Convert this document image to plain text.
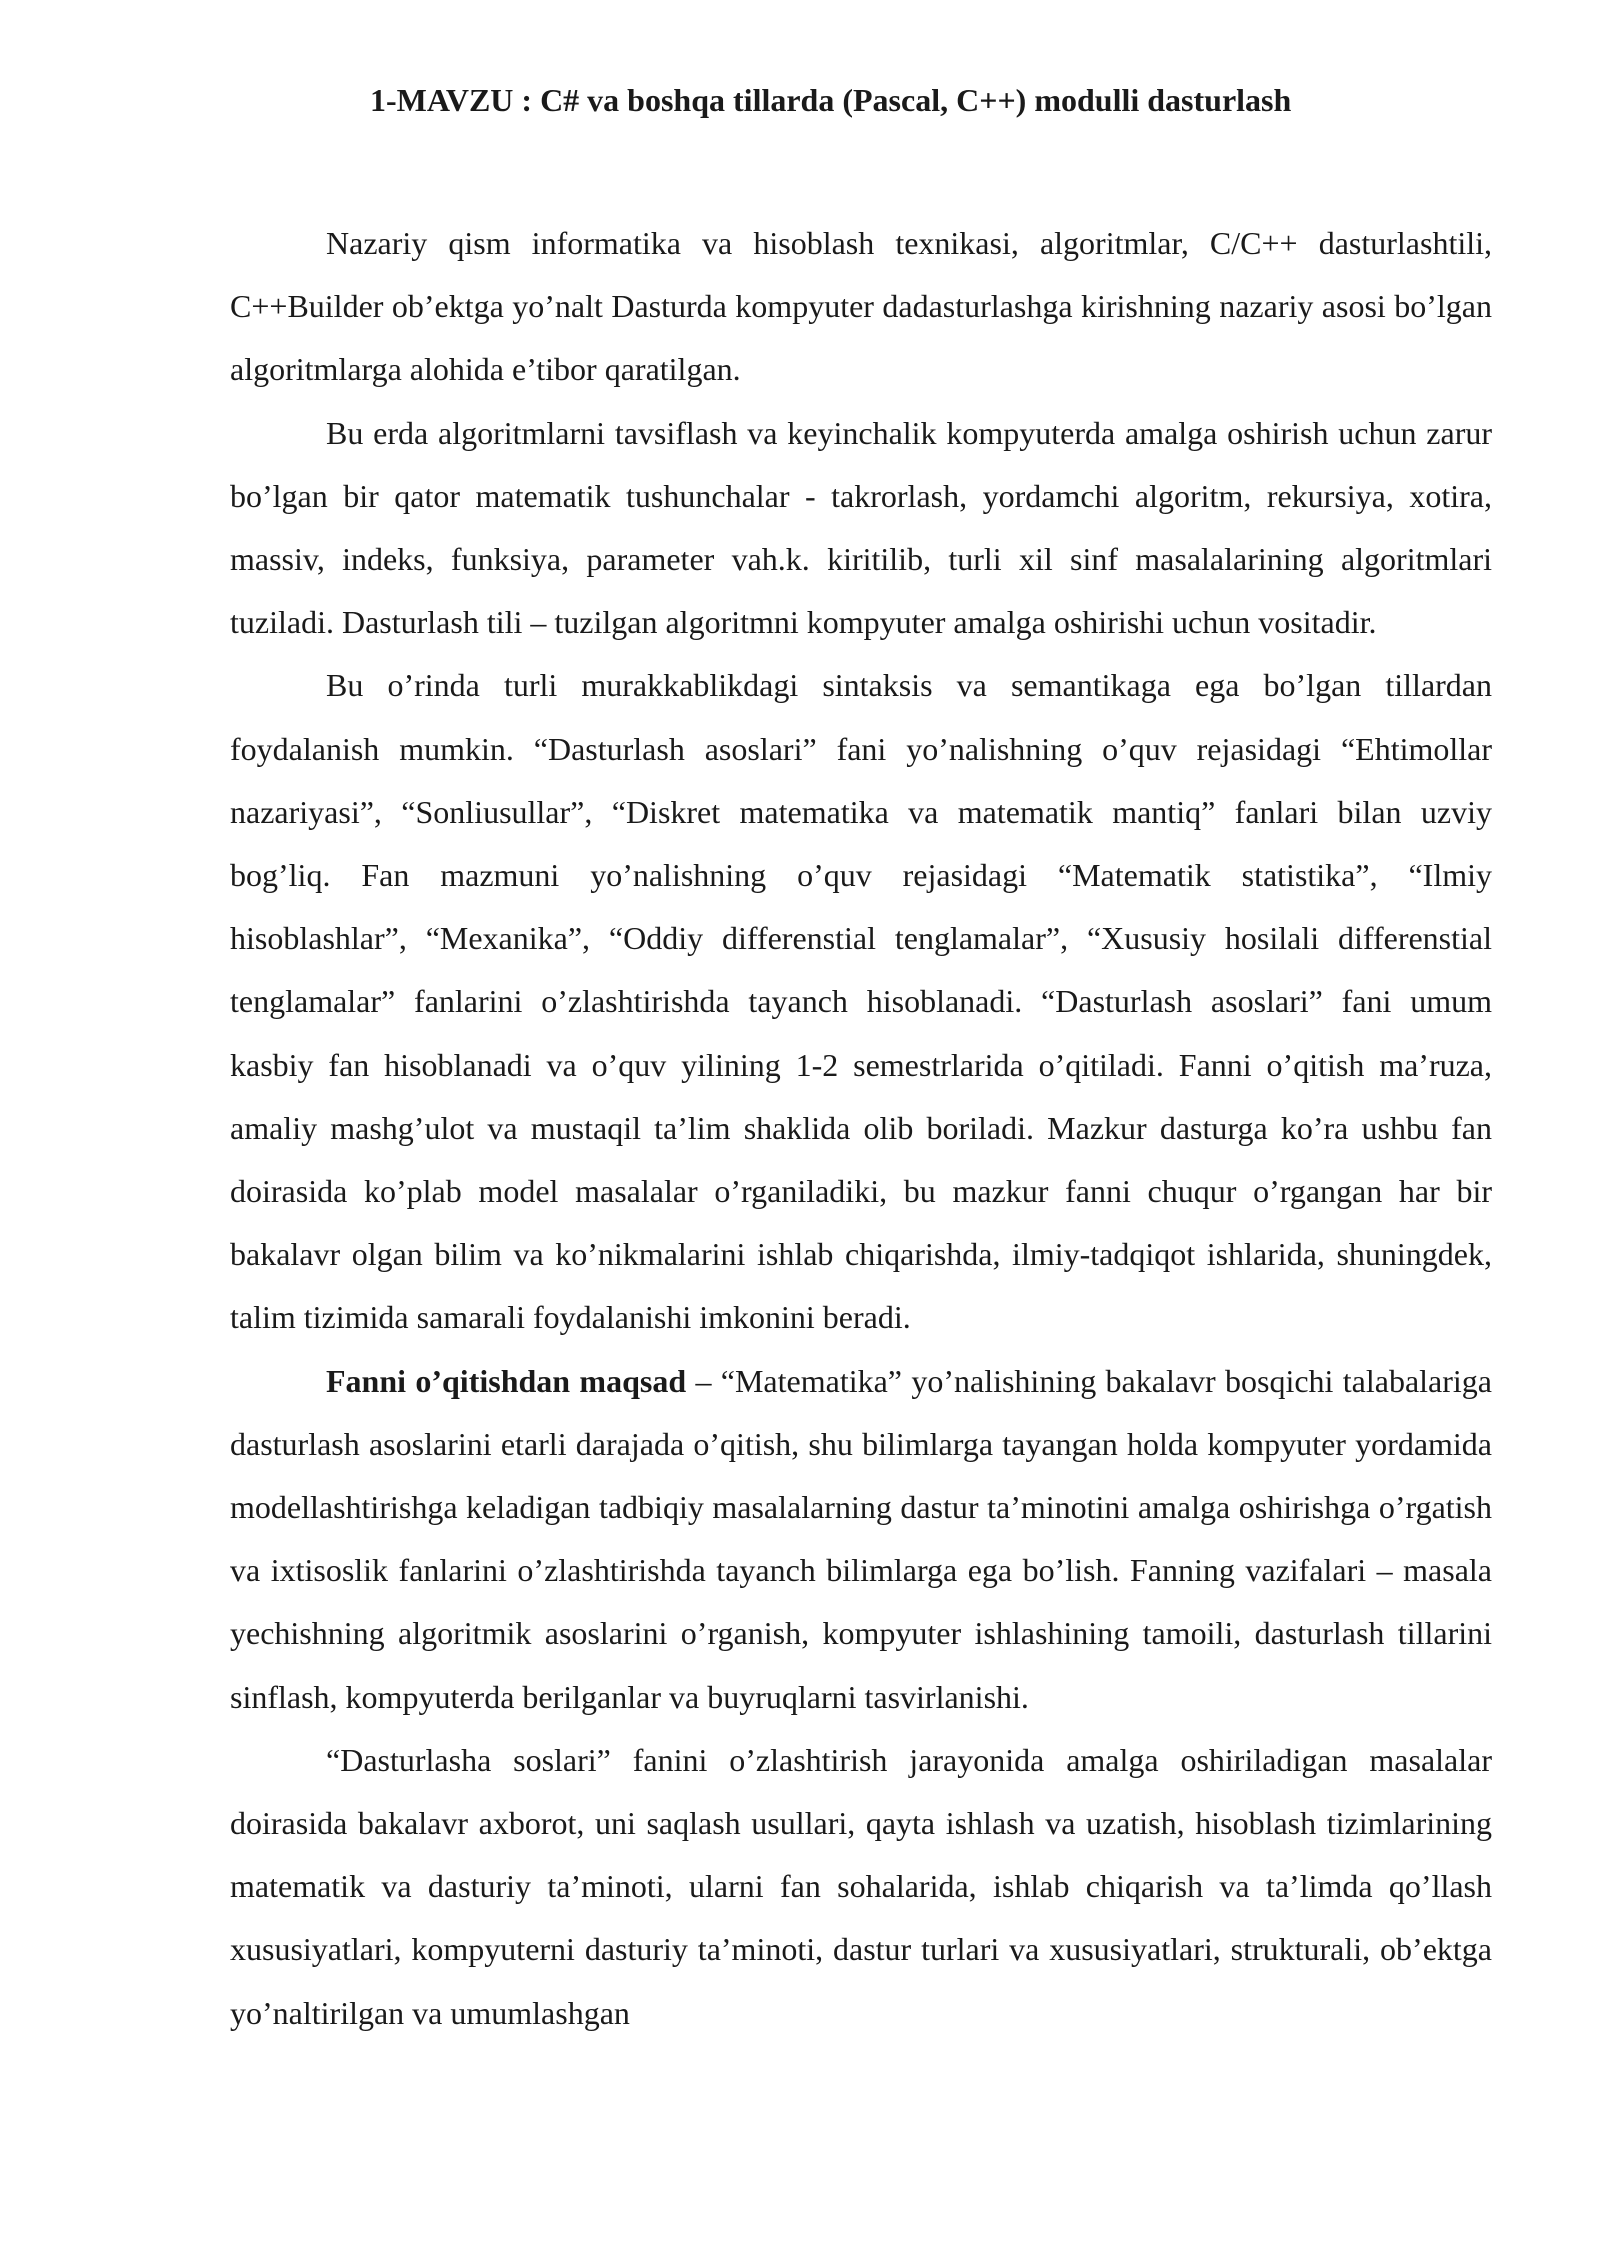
1-MAVZU : C# va boshqa tillarda (Pascal, C++) modulli dasturlash

Nazariy qism informatika va hisoblash texnikasi, algoritmlar, C/C++ dasturlashtili, C++Builder ob’ektga yo’nalt Dasturda kompyuter dadasturlashga kirishning nazariy asosi bo’lgan algoritmlarga alohida e’tibor qaratilgan.

Bu erda algoritmlarni tavsiflash va keyinchalik kompyuterda amalga oshirish uchun zarur bo’lgan bir qator matematik tushunchalar - takrorlash, yordamchi algoritm, rekursiya, xotira, massiv, indeks, funksiya, parameter vah.k. kiritilib, turli xil sinf masalalarining algoritmlari tuziladi. Dasturlash tili – tuzilgan algoritmni kompyuter amalga oshirishi uchun vositadir.

Bu o’rinda turli murakkablikdagi sintaksis va semantikaga ega bo’lgan tillardan foydalanish mumkin. “Dasturlash asoslari” fani yo’nalishning o’quv rejasidagi “Ehtimollar nazariyasi”, “Sonliusullar”, “Diskret matematika va matematik mantiq” fanlari bilan uzviy bog’liq. Fan mazmuni yo’nalishning o’quv rejasidagi “Matematik statistika”, “Ilmiy hisoblashlar”, “Mexanika”, “Oddiy differenstial tenglamalar”, “Xususiy hosilali differenstial tenglamalar” fanlarini o’zlashtirishda tayanch hisoblanadi. “Dasturlash asoslari” fani umum kasbiy fan hisoblanadi va o’quv yilining 1-2 semestrlarida o’qitiladi. Fanni o’qitish ma’ruza, amaliy mashg’ulot va mustaqil ta’lim shaklida olib boriladi. Mazkur dasturga ko’ra ushbu fan doirasida ko’plab model masalalar o’rganiladiki, bu mazkur fanni chuqur o’rgangan har bir bakalavr olgan bilim va ko’nikmalarini ishlab chiqarishda, ilmiy-tadqiqot ishlarida, shuningdek, talim tizimida samarali foydalanishi imkonini beradi.

Fanni o’qitishdan maqsad – “Matematika” yo’nalishining bakalavr bosqichi talabalariga dasturlash asoslarini etarli darajada o’qitish, shu bilimlarga tayangan holda kompyuter yordamida modellashtirishga keladigan tadbiqiy masalalarning dastur ta’minotini amalga oshirishga o’rgatish va ixtisoslik fanlarini o’zlashtirishda tayanch bilimlarga ega bo’lish. Fanning vazifalari – masala yechishning algoritmik asoslarini o’rganish, kompyuter ishlashining tamoili, dasturlash tillarini sinflash, kompyuterda berilganlar va buyruqlarni tasvirlanishi.

“Dasturlasha soslari” fanini o’zlashtirish jarayonida amalga oshiriladigan masalalar doirasida bakalavr axborot, uni saqlash usullari, qayta ishlash va uzatish, hisoblash tizimlarining matematik va dasturiy ta’minoti, ularni fan sohalarida, ishlab chiqarish va ta’limda qo’llash xususiyatlari, kompyuterni dasturiy ta’minoti, dastur turlari va xususiyatlari, strukturali, ob’ektga yo’naltirilgan va umumlashgan
